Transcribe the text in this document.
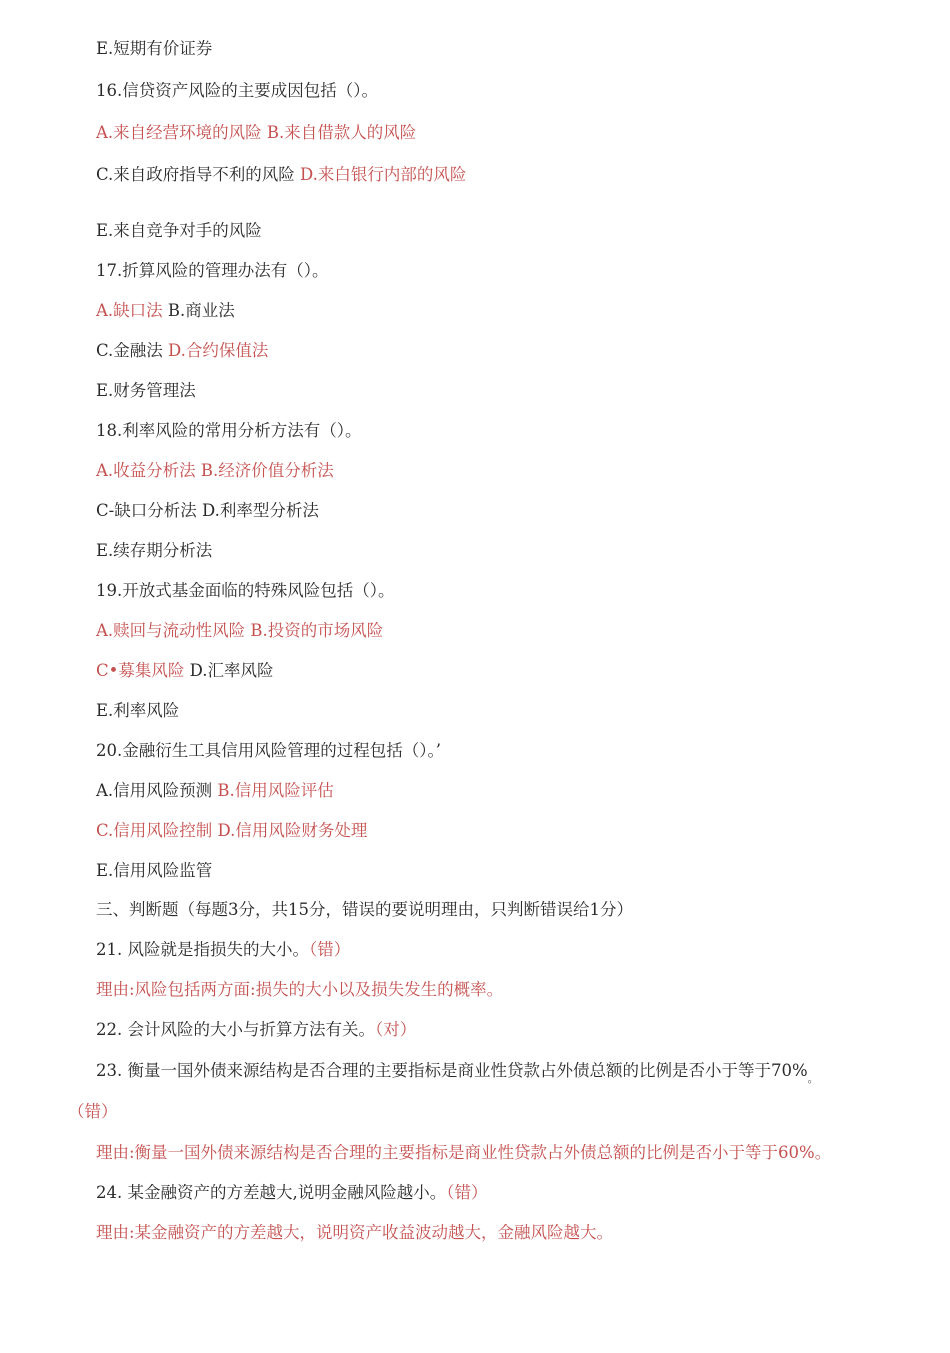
E.短期有价证券
16.信贷资产风险的主要成因包括（）。
A.来自经营环境的风险 B.来自借款人的风险
C.来自政府指导不利的风险 D.来白银行内部的风险
E.来自竞争对手的风险
17.折算风险的管理办法有（）。
A.缺口法 B.商业法
C.金融法 D.合约保值法
E.财务管理法
18.利率风险的常用分析方法有（）。
A.收益分析法 B.经济价值分析法
C-缺口分析法 D.利率型分析法
E.续存期分析法
19.开放式基金面临的特殊风险包括（）。
A.赎回与流动性风险 B.投资的市场风险
C•募集风险 D.汇率风险
E.利率风险
20.金融衍生工具信用风险管理的过程包括（）。’
A.信用风险预测 B.信用风险评估
C.信用风险控制 D.信用风险财务处理
E.信用风险监管
三、判断题（每题3分，共15分，错误的要说明理由，只判断错误给1分）
21. 风险就是指损失的大小。（错）
理由:风险包括两方面:损失的大小以及损失发生的概率。
22. 会计风险的大小与折算方法有关。（对）
23. 衡量一国外债来源结构是否合理的主要指标是商业性贷款占外债总额的比例是否小于等于$70\%_。$
（错）
理由:衡量一国外债来源结构是否合理的主要指标是商业性贷款占外债总额的比例是否小于等于60%。
24. 某金融资产的方差越大,说明金融风险越小。（错）
理由:某金融资产的方差越大，说明资产收益波动越大，金融风险越大。
